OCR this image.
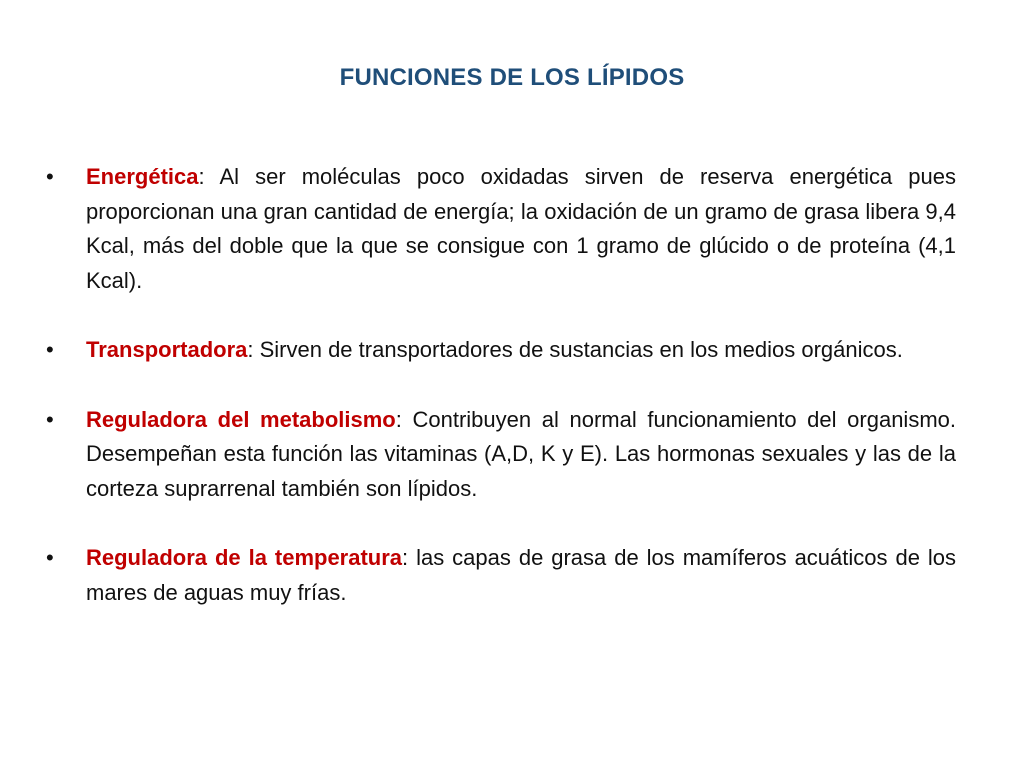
FUNCIONES DE LOS LÍPIDOS
• Energética: Al ser moléculas poco oxidadas sirven de reserva energética pues proporcionan una gran cantidad de energía; la oxidación de un gramo de grasa libera 9,4 Kcal, más del doble que la que se consigue con 1 gramo de glúcido o de proteína (4,1 Kcal).
• Transportadora: Sirven de transportadores de sustancias en los medios orgánicos.
• Reguladora del metabolismo: Contribuyen al normal funcionamiento del organismo. Desempeñan esta función las vitaminas (A,D, K y E). Las hormonas sexuales y las de la corteza suprarrenal también son lípidos.
• Reguladora de la temperatura: las capas de grasa de los mamíferos acuáticos de los mares de aguas muy frías.
